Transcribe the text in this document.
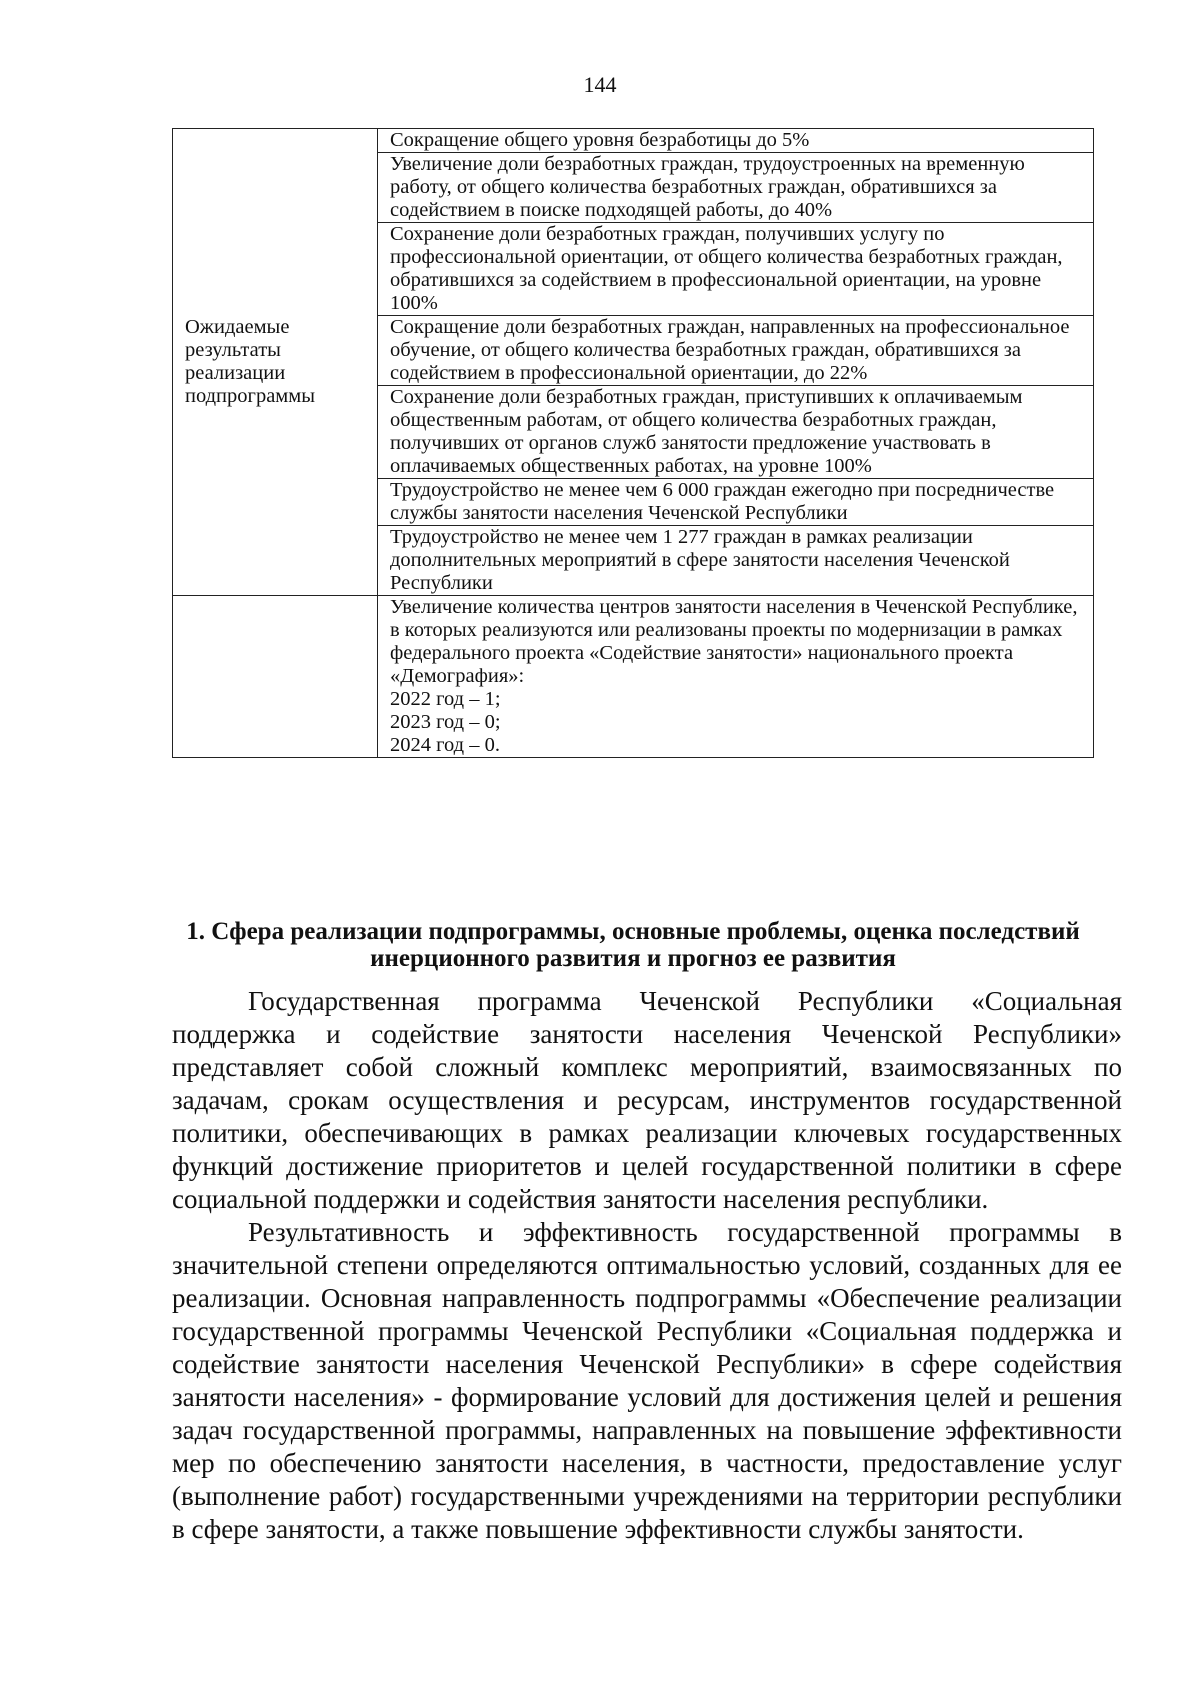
144
Ожидаемые результаты реализации подпрограммы	Сокращение общего уровня безработицы до 5%
	Увеличение доли безработных граждан, трудоустроенных на временную работу, от общего количества безработных граждан, обратившихся за содействием в поиске подходящей работы, до 40%
	Сохранение доли безработных граждан, получивших услугу по профессиональной ориентации, от общего количества безработных граждан, обратившихся за содействием в профессиональной ориентации, на уровне 100%
	Сокращение доли безработных граждан, направленных на профессиональное обучение, от общего количества безработных граждан, обратившихся за содействием в профессиональной ориентации, до 22%
	Сохранение доли безработных граждан, приступивших к оплачиваемым общественным работам, от общего количества безработных граждан, получивших от органов служб занятости предложение участвовать в оплачиваемых общественных работах, на уровне 100%
	Трудоустройство не менее чем 6 000 граждан ежегодно при посредничестве службы занятости населения Чеченской Республики
	Трудоустройство не менее чем 1 277 граждан в рамках реализации дополнительных мероприятий в сфере занятости населения Чеченской Республики

	Увеличение количества центров занятости населения в Чеченской Республике, в которых реализуются или реализованы проекты по модернизации в рамках федерального проекта «Содействие занятости» национального проекта «Демография»:
2022 год – 1;
2023 год – 0;
2024 год – 0.
1. Сфера реализации подпрограммы, основные проблемы, оценка последствий инерционного развития и прогноз ее развития
Государственная программа Чеченской Республики «Социальная поддержка и содействие занятости населения Чеченской Республики» представляет собой сложный комплекс мероприятий, взаимосвязанных по задачам, срокам осуществления и ресурсам, инструментов государственной политики, обеспечивающих в рамках реализации ключевых государственных функций достижение приоритетов и целей государственной политики в сфере социальной поддержки и содействия занятости населения республики.
Результативность и эффективность государственной программы в значительной степени определяются оптимальностью условий, созданных для ее реализации. Основная направленность подпрограммы «Обеспечение реализации государственной программы Чеченской Республики «Социальная поддержка и содействие занятости населения Чеченской Республики» в сфере содействия занятости населения» - формирование условий для достижения целей и решения задач государственной программы, направленных на повышение эффективности мер по обеспечению занятости населения, в частности, предоставление услуг (выполнение работ) государственными учреждениями на территории республики в сфере занятости, а также повышение эффективности службы занятости.
